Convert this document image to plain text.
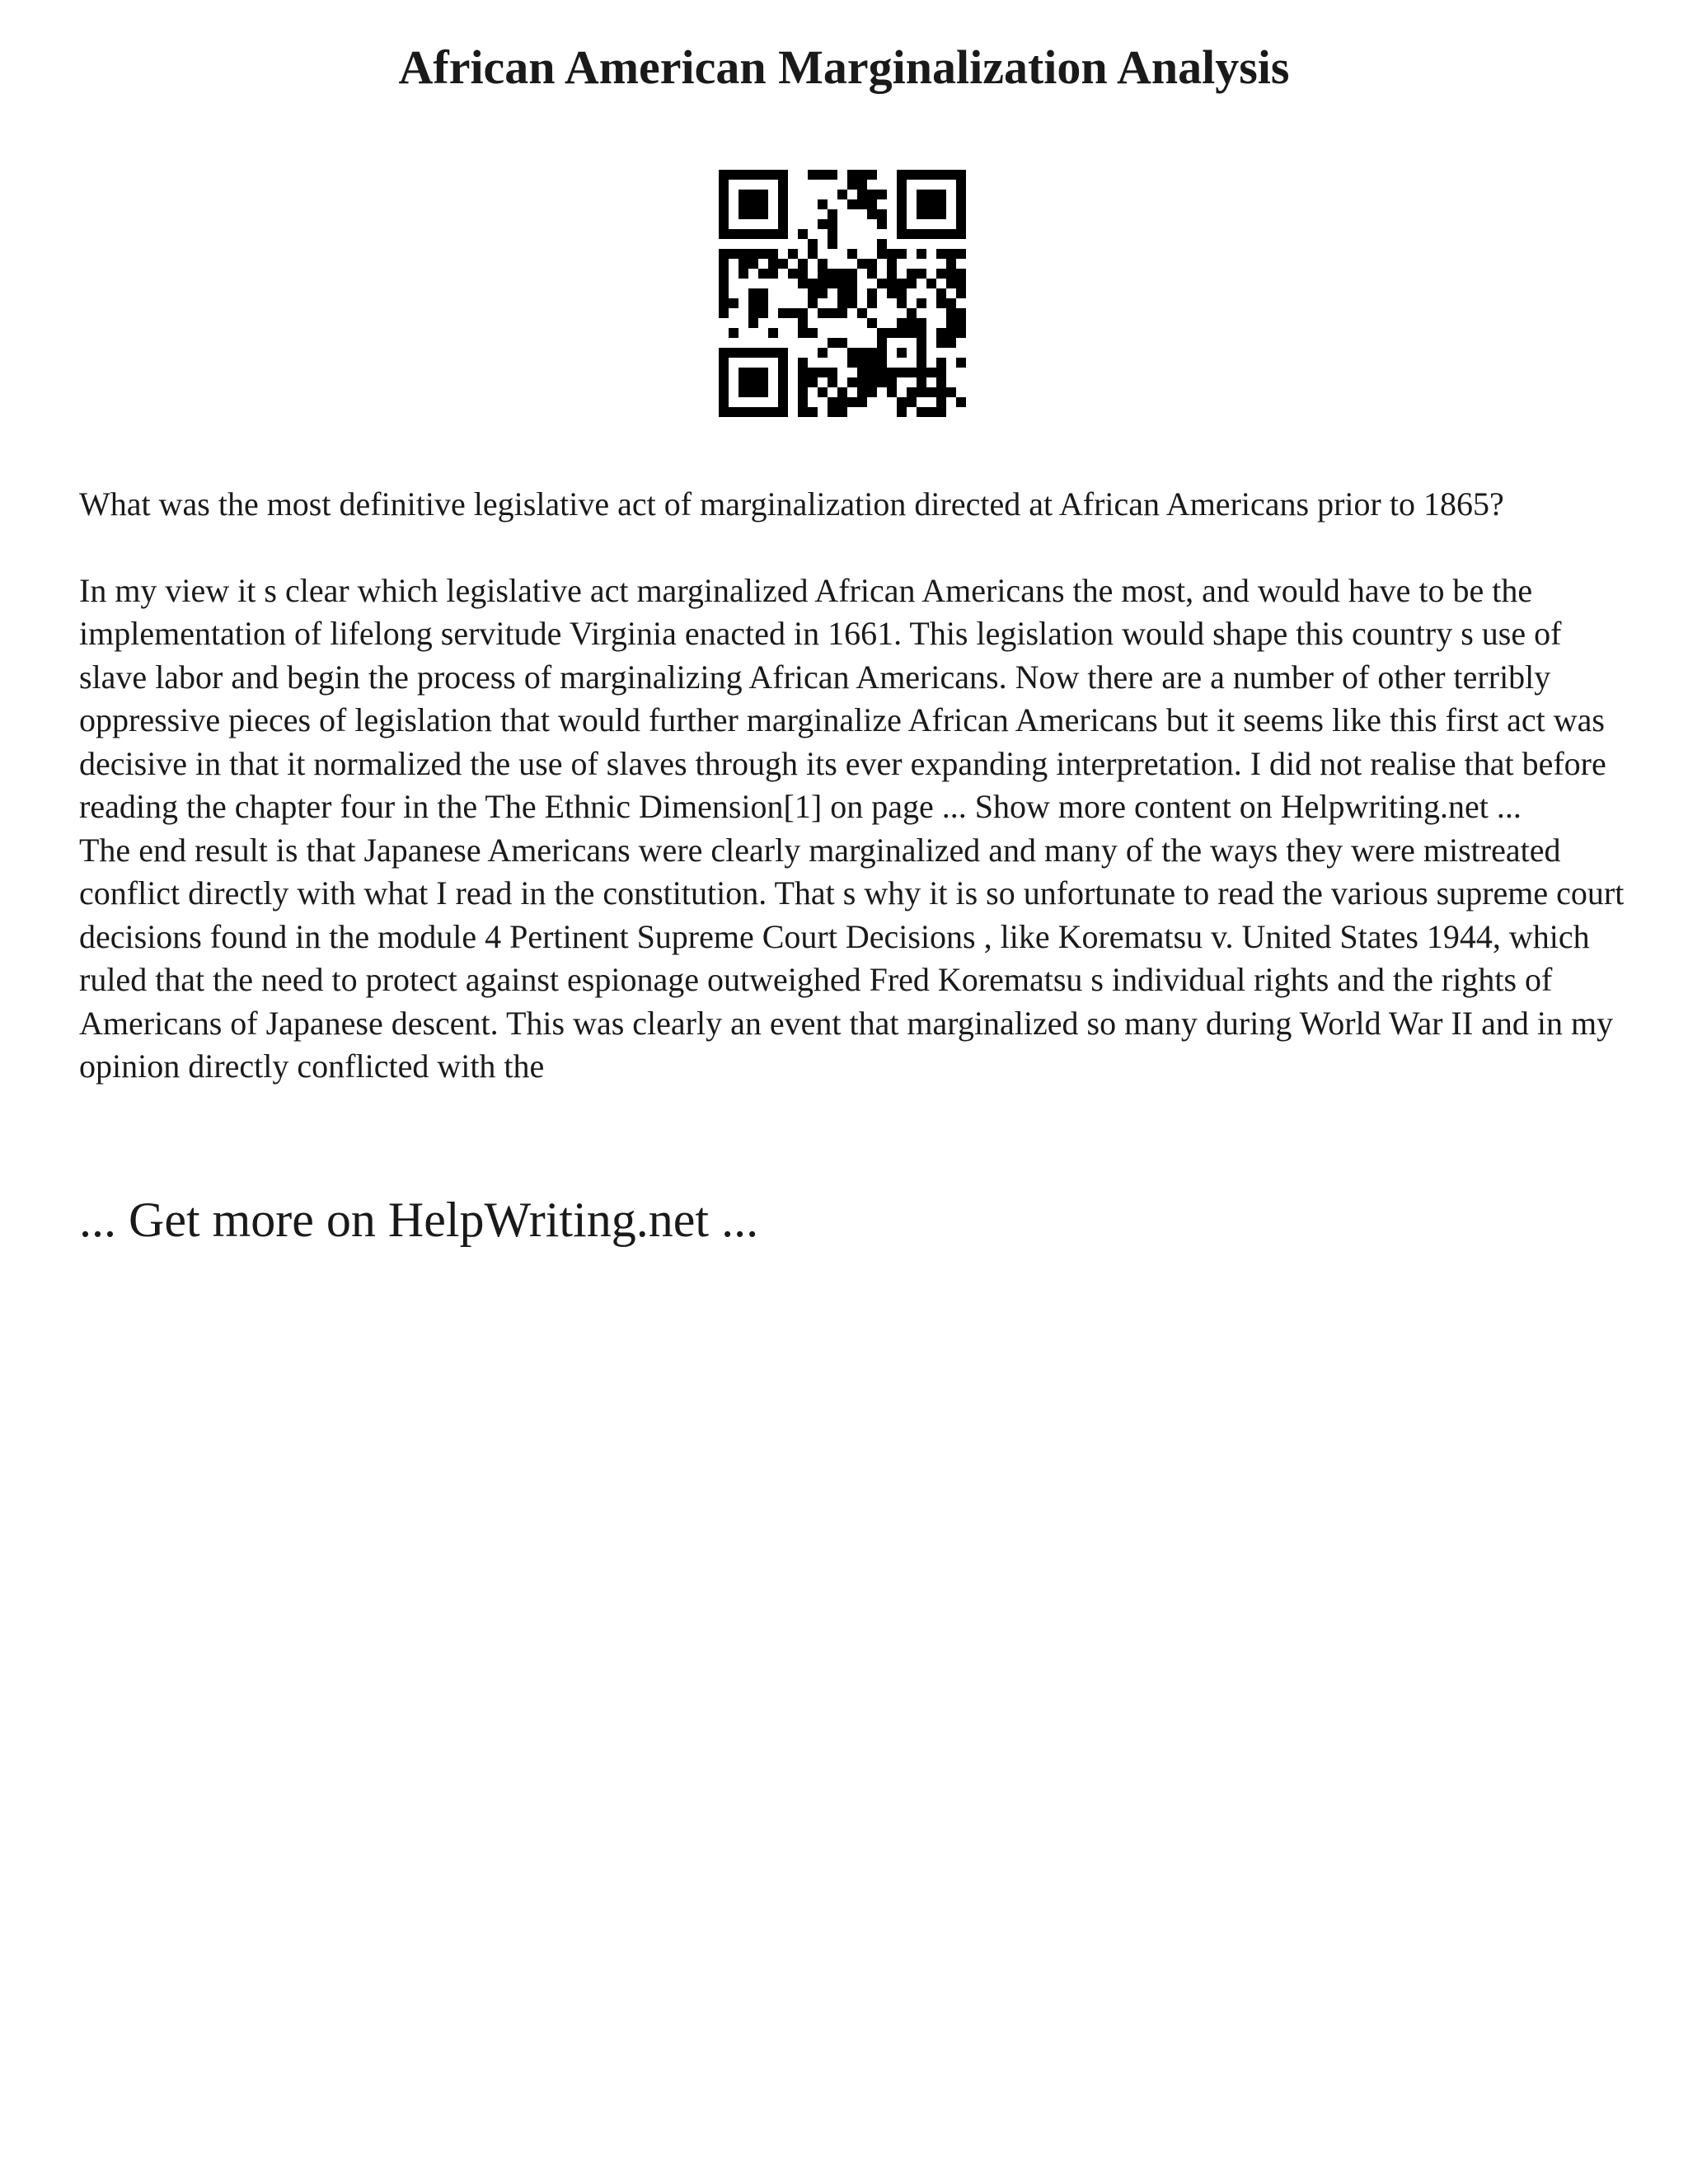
African American Marginalization Analysis

What was the most definitive legislative act of marginalization directed at African Americans prior to 1865?

In my view it s clear which legislative act marginalized African Americans the most, and would have to be the implementation of lifelong servitude Virginia enacted in 1661. This legislation would shape this country s use of slave labor and begin the process of marginalizing African Americans. Now there are a number of other terribly oppressive pieces of legislation that would further marginalize African Americans but it seems like this first act was decisive in that it normalized the use of slaves through its ever expanding interpretation. I did not realise that before reading the chapter four in the The Ethnic Dimension[1] on page ... Show more content on Helpwriting.net ...

The end result is that Japanese Americans were clearly marginalized and many of the ways they were mistreated conflict directly with what I read in the constitution. That s why it is so unfortunate to read the various supreme court decisions found in the module 4 Pertinent Supreme Court Decisions , like Korematsu v. United States 1944, which ruled that the need to protect against espionage outweighed Fred Korematsu s individual rights and the rights of Americans of Japanese descent. This was clearly an event that marginalized so many during World War II and in my opinion directly conflicted with the

... Get more on HelpWriting.net ...
